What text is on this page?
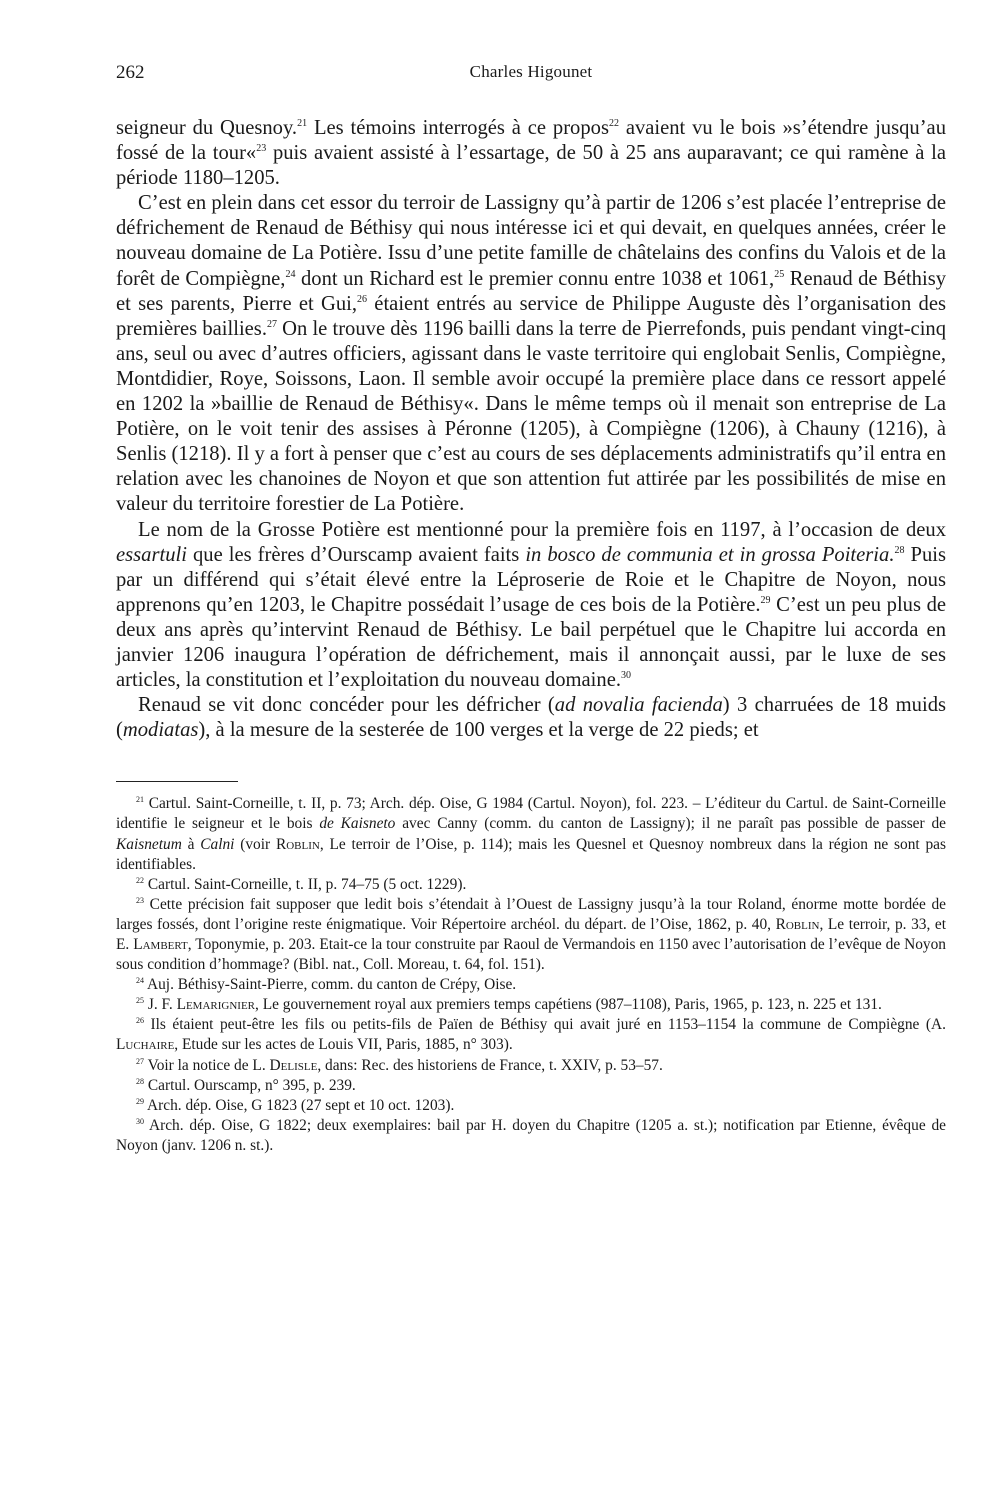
262	Charles Higounet

seigneur du Quesnoy.$^{21}$ Les témoins interrogés à ce propos$^{22}$ avaient vu le bois »s’étendre jusqu’au fossé de la tour«$^{23}$ puis avaient assisté à l’essartage, de 50 à 25 ans auparavant; ce qui ramène à la période 1180–1205.

C’est en plein dans cet essor du terroir de Lassigny qu’à partir de 1206 s’est placée l’entreprise de défrichement de Renaud de Béthisy qui nous intéresse ici et qui devait, en quelques années, créer le nouveau domaine de La Potière. Issu d’une petite famille de châtelains des confins du Valois et de la forêt de Compiègne,$^{24}$ dont un Richard est le premier connu entre 1038 et 1061,25 Renaud de Béthisy et ses parents, Pierre et Gui,$^{26}$ étaient entrés au service de Philippe Auguste dès l’organisation des premières baillies.$^{27}$ On le trouve dès 1196 bailli dans la terre de Pierrefonds, puis pendant vingt-cinq ans, seul ou avec d’autres officiers, agissant dans le vaste territoire qui englobait Senlis, Compiègne, Montdidier, Roye, Soissons, Laon. Il semble avoir occupé la première place dans ce ressort appelé en 1202 la »baillie de Renaud de Béthisy«. Dans le même temps où il menait son entreprise de La Potière, on le voit tenir des assises à Péronne (1205), à Compiègne (1206), à Chauny (1216), à Senlis (1218). Il y a fort à penser que c’est au cours de ses déplacements administratifs qu’il entra en relation avec les chanoines de Noyon et que son attention fut attirée par les possibilités de mise en valeur du territoire forestier de La Potière.

Le nom de la Grosse Potière est mentionné pour la première fois en 1197, à l’occasion de deux essartuli que les frères d’Ourscamp avaient faits in bosco de communia et in grossa Poiteria.$^{28}$ Puis par un différend qui s’était élevé entre la Léproserie de Roie et le Chapitre de Noyon, nous apprenons qu’en 1203, le Chapitre possédait l’usage de ces bois de la Potière.$^{29}$ C’est un peu plus de deux ans après qu’intervint Renaud de Béthisy. Le bail perpétuel que le Chapitre lui accorda en janvier 1206 inaugura l’opération de défrichement, mais il annonçait aussi, par le luxe de ses articles, la constitution et l’exploitation du nouveau domaine.$^{30}$

Renaud se vit donc concéder pour les défricher (ad novalia facienda) 3 charruées de 18 muids (modiatas), à la mesure de la sesterée de 100 verges et la verge de 22 pieds; et

$^{21}$ Cartul. Saint-Corneille, t. II, p. 73; Arch. dép. Oise, G 1984 (Cartul. Noyon), fol. 223. – L’éditeur du Cartul. de Saint-Corneille identifie le seigneur et le bois de Kaisneto avec Canny (comm. du canton de Lassigny); il ne paraît pas possible de passer de Kaisnetum à Calni (voir Roblin, Le terroir de l’Oise, p. 114); mais les Quesnel et Quesnoy nombreux dans la région ne sont pas identifiables.

$^{22}$ Cartul. Saint-Corneille, t. II, p. 74–75 (5 oct. 1229).

$^{23}$ Cette précision fait supposer que ledit bois s’étendait à l’Ouest de Lassigny jusqu’à la tour Roland, énorme motte bordée de larges fossés, dont l’origine reste énigmatique. Voir Répertoire archéol. du départ. de l’Oise, 1862, p. 40, Roblin, Le terroir, p. 33, et E. Lambert, Toponymie, p. 203. Etait-ce la tour construite par Raoul de Vermandois en 1150 avec l’autorisation de l’evêque de Noyon sous condition d’hommage? (Bibl. nat., Coll. Moreau, t. 64, fol. 151).

$^{24}$ Auj. Béthisy-Saint-Pierre, comm. du canton de Crépy, Oise.

$^{25}$ J. F. Lemarignier, Le gouvernement royal aux premiers temps capétiens (987–1108), Paris, 1965, p. 123, n. 225 et 131.

$^{26}$ Ils étaient peut-être les fils ou petits-fils de Païen de Béthisy qui avait juré en 1153–1154 la commune de Compiègne (A. Luchaire, Etude sur les actes de Louis VII, Paris, 1885, n° 303).

$^{27}$ Voir la notice de L. Delisle, dans: Rec. des historiens de France, t. XXIV, p. 53–57.

$^{28}$ Cartul. Ourscamp, n° 395, p. 239.

$^{29}$ Arch. dép. Oise, G 1823 (27 sept et 10 oct. 1203).

$^{30}$ Arch. dép. Oise, G 1822; deux exemplaires: bail par H. doyen du Chapitre (1205 a. st.); notification par Etienne, évêque de Noyon (janv. 1206 n. st.).
